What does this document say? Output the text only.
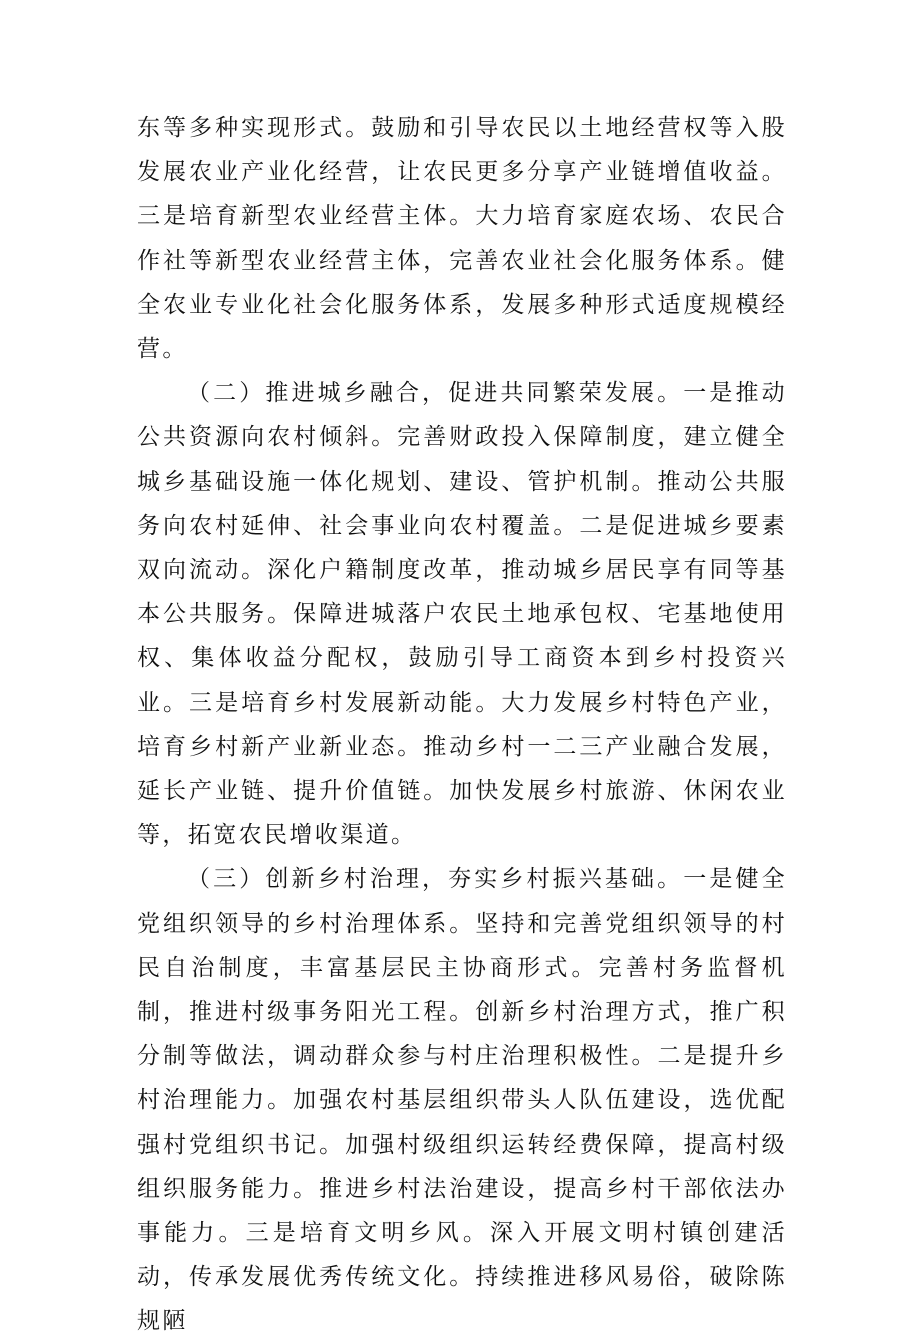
东等多种实现形式。鼓励和引导农民以土地经营权等入股发展农业产业化经营，让农民更多分享产业链增值收益。三是培育新型农业经营主体。大力培育家庭农场、农民合作社等新型农业经营主体，完善农业社会化服务体系。健全农业专业化社会化服务体系，发展多种形式适度规模经营。

（二）推进城乡融合，促进共同繁荣发展。一是推动公共资源向农村倾斜。完善财政投入保障制度，建立健全城乡基础设施一体化规划、建设、管护机制。推动公共服务向农村延伸、社会事业向农村覆盖。二是促进城乡要素双向流动。深化户籍制度改革，推动城乡居民享有同等基本公共服务。保障进城落户农民土地承包权、宅基地使用权、集体收益分配权，鼓励引导工商资本到乡村投资兴业。三是培育乡村发展新动能。大力发展乡村特色产业，培育乡村新产业新业态。推动乡村一二三产业融合发展，延长产业链、提升价值链。加快发展乡村旅游、休闲农业等，拓宽农民增收渠道。

（三）创新乡村治理，夯实乡村振兴基础。一是健全党组织领导的乡村治理体系。坚持和完善党组织领导的村民自治制度，丰富基层民主协商形式。完善村务监督机制，推进村级事务阳光工程。创新乡村治理方式，推广积分制等做法，调动群众参与村庄治理积极性。二是提升乡村治理能力。加强农村基层组织带头人队伍建设，选优配强村党组织书记。加强村级组织运转经费保障，提高村级组织服务能力。推进乡村法治建设，提高乡村干部依法办事能力。三是培育文明乡风。深入开展文明村镇创建活动，传承发展优秀传统文化。持续推进移风易俗，破除陈规陋
